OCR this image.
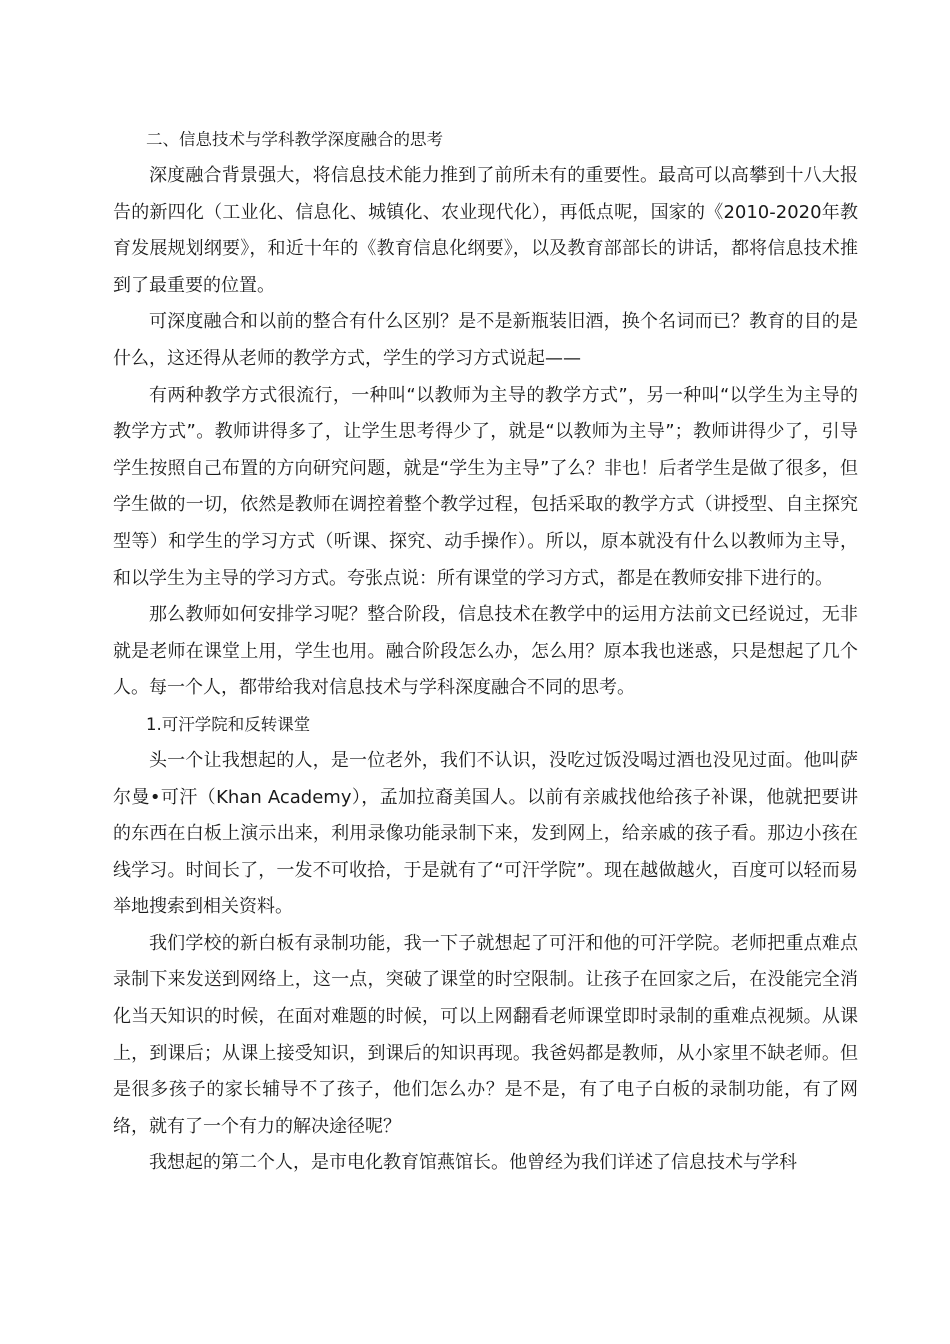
二、信息技术与学科教学深度融合的思考

深度融合背景强大，将信息技术能力推到了前所未有的重要性。最高可以高攀到十八大报告的新四化（工业化、信息化、城镇化、农业现代化），再低点呢，国家的《2010-2020年教育发展规划纲要》，和近十年的《教育信息化纲要》，以及教育部部长的讲话，都将信息技术推到了最重要的位置。

可深度融合和以前的整合有什么区别？是不是新瓶装旧酒，换个名词而已？教育的目的是什么，这还得从老师的教学方式，学生的学习方式说起——

有两种教学方式很流行，一种叫“以教师为主导的教学方式”，另一种叫“以学生为主导的教学方式”。教师讲得多了，让学生思考得少了，就是“以教师为主导”；教师讲得少了，引导学生按照自己布置的方向研究问题，就是“学生为主导”了么？非也！后者学生是做了很多，但学生做的一切，依然是教师在调控着整个教学过程，包括采取的教学方式（讲授型、自主探究型等）和学生的学习方式（听课、探究、动手操作）。所以，原本就没有什么以教师为主导，和以学生为主导的学习方式。夸张点说：所有课堂的学习方式，都是在教师安排下进行的。

那么教师如何安排学习呢？整合阶段，信息技术在教学中的运用方法前文已经说过，无非就是老师在课堂上用，学生也用。融合阶段怎么办，怎么用？原本我也迷惑，只是想起了几个人。每一个人，都带给我对信息技术与学科深度融合不同的思考。

1.可汗学院和反转课堂

头一个让我想起的人，是一位老外，我们不认识，没吃过饭没喝过酒也没见过面。他叫萨尔曼•可汗（Khan Academy），孟加拉裔美国人。以前有亲戚找他给孩子补课，他就把要讲的东西在白板上演示出来，利用录像功能录制下来，发到网上，给亲戚的孩子看。那边小孩在线学习。时间长了，一发不可收拾，于是就有了“可汗学院”。现在越做越火，百度可以轻而易举地搜索到相关资料。

我们学校的新白板有录制功能，我一下子就想起了可汗和他的可汗学院。老师把重点难点录制下来发送到网络上，这一点，突破了课堂的时空限制。让孩子在回家之后，在没能完全消化当天知识的时候，在面对难题的时候，可以上网翻看老师课堂即时录制的重难点视频。从课上，到课后；从课上接受知识，到课后的知识再现。我爸妈都是教师，从小家里不缺老师。但是很多孩子的家长辅导不了孩子，他们怎么办？是不是，有了电子白板的录制功能，有了网络，就有了一个有力的解决途径呢？

我想起的第二个人，是市电化教育馆燕馆长。他曾经为我们详述了信息技术与学科
